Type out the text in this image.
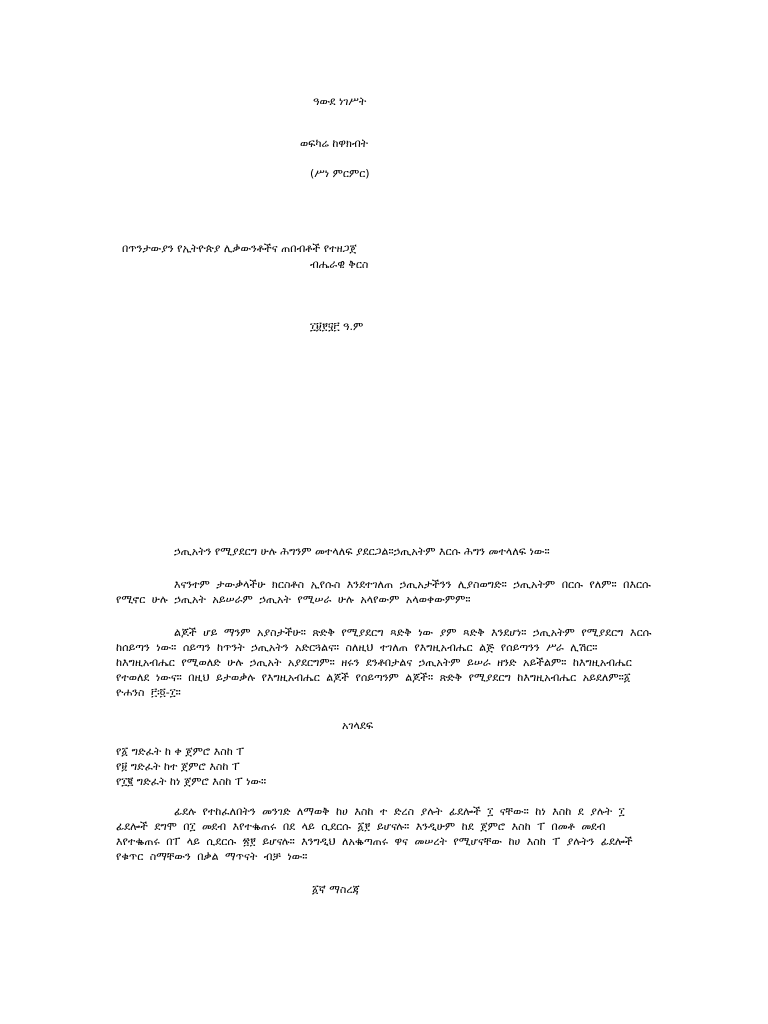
ዓውደ ነገሥት
ወፍካሬ ከዋክብት
(ሥነ ምርምር)
በጥንታውያን የኢትዮጵያ ሊቃውንቶችና ጠበብቶች የተዘጋጀ
ብሔራዊ ቅርስ
፲፱፻፶፫ ዓ.ም
ኃጢአትን የሚያደርግ ሁሉ ሕግንም መተላለፍ ያደርጋል።ኃጢአትም እርሱ ሕግን መተላለፍ ነው።
እናንተም ታውቃላችሁ ክርስቶስ ኢየሱስ እንደተገለጠ ኃጢአታችንን ሊያስወግድ። ኃጢአትም በርሱ የለም። በእርሱ የሚኖር ሁሉ ኃጢአት አይሠራም ኃጢአት የሚሠራ ሁሉ አላየውም አላወቀውምም።
ልጆች ሆይ ማንም አያስታችሁ። ጽድቅ የሚያደርግ ጻድቅ ነው ያም ጻድቅ እንደሆነ። ኃጢአትም የሚያደርግ እርሱ ከሰይጣን ነው። ሰይጣን ከጥንት ኃጢአትን አድርጓልና። ስለዚህ ተገለጠ የእግዚአብሔር ልጅ የሰይጣንን ሥራ ሊሽር። ከእግዚአብሔር የሚወለድ ሁሉ ኃጢአት አያደርግም። ዘሩን ደንቶበታልና ኃጢአትም ይሠራ ዘንድ አይችልም። ከእግዚአብሔር የተወለደ ነውና። በዚህ ይታወቃሉ የእግዚአብሔር ልጆች የሰይጣንም ልጆች። ጽድቅ የሚያደርግ ከእግዚአብሔር አይደለም።፩ ዮሐንስ ፫፡፬-፲።
አገላደፍ
የ፩ ግድፈት ከ ቀ ጀምሮ እስከ ፐ
የ፱ ግድፈት ከተ ጀምሮ እስከ ፐ
የ፲፪ ግድፈት ከነ ጀምሮ እስከ ፐ ነው።
ፊደሉ የተከፈለበትን መንገድ ለማወቅ ከሀ እስከ ተ ድረስ ያሉት ፊደሎች ፲ ናቸው። ከነ እስከ ደ ያሉት ፲ ፊደሎች ደግሞ በ፲ መደብ እየተቈጠሩ በደ ላይ ሲደርሱ ፩፻ ይሆናሉ። እንዲሁም ከደ ጀምሮ እስከ ፐ በመቶ መደብ እየተቈጠሩ በፐ ላይ ሲደርሱ ፳፻ ይሆናሉ። እንግዲህ ለአቈጣጠሩ ዋና መሠረት የሚሆናቸው ከሀ እስከ ፐ ያሉትን ፊደሎች የቁጥር ስማቸውን በቃል ማጥናት ብቻ ነው።
፩ኛ ማስረጃ
